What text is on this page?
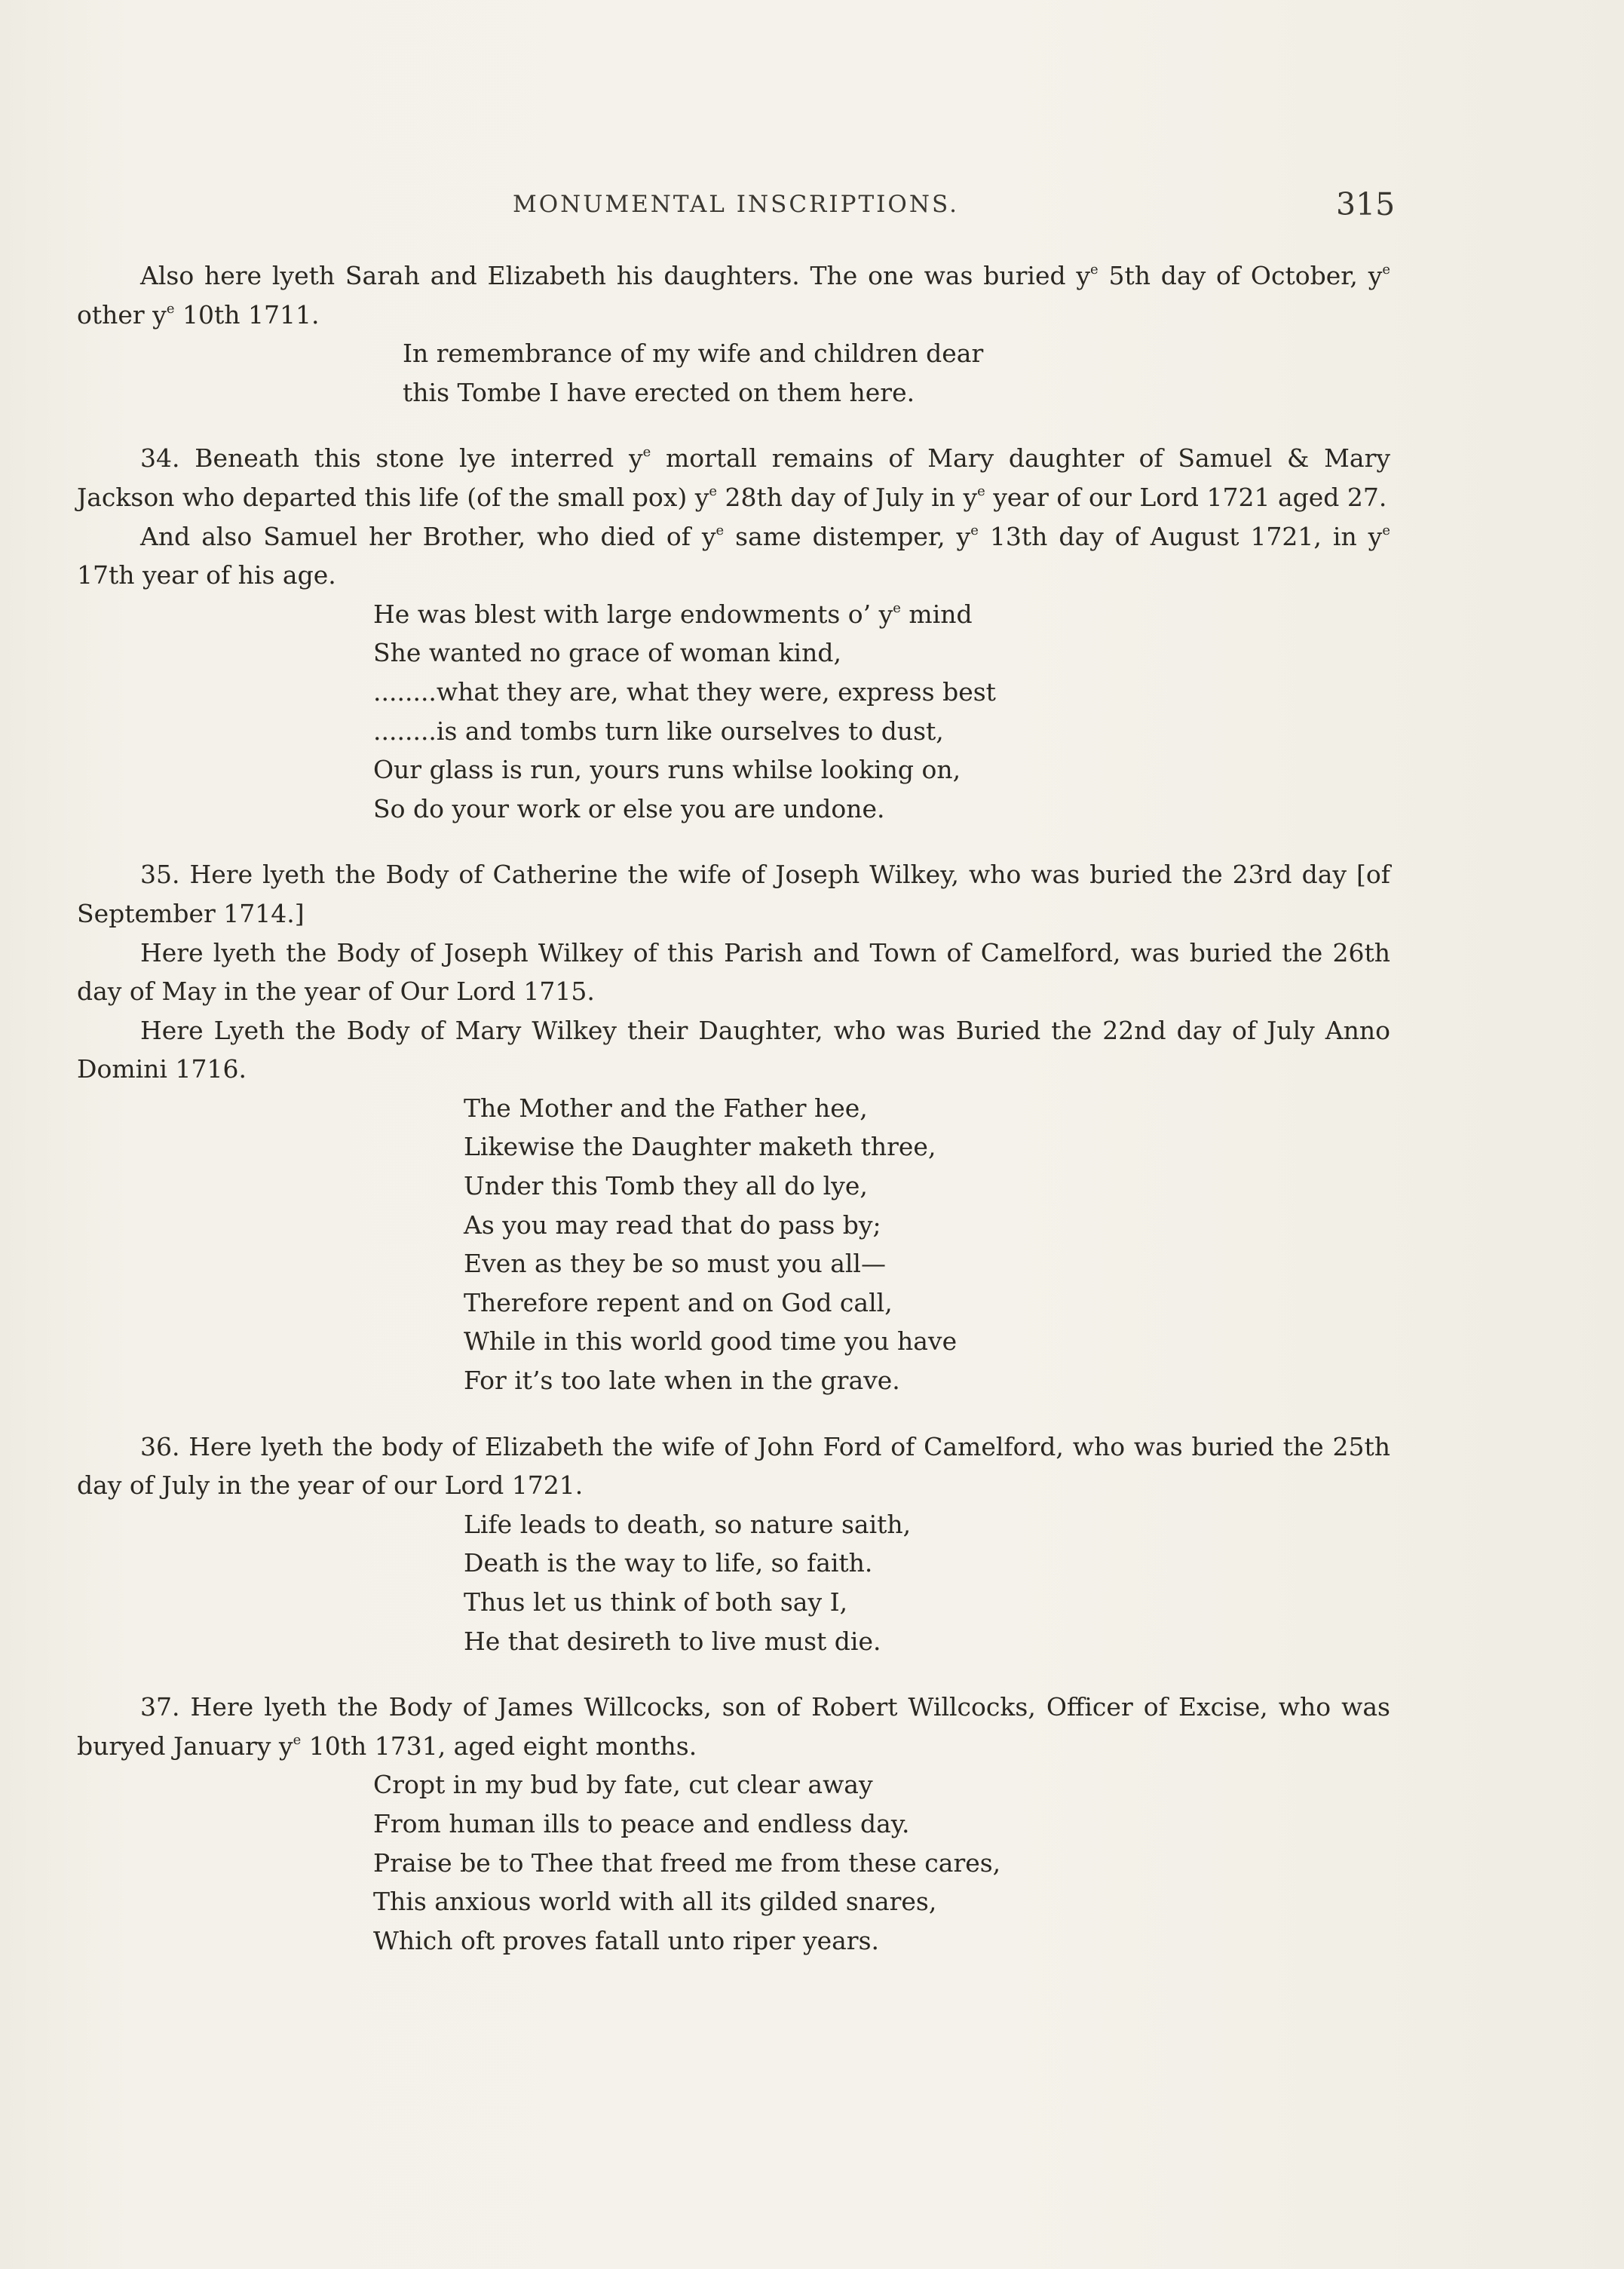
MONUMENTAL INSCRIPTIONS.	315

Also here lyeth Sarah and Elizabeth his daughters. The one was buried $y^e$ 5th day of October, $y^e$ other $y^e$ 10th 1711.

In remembrance of my wife and children dear
this Tombe I have erected on them here.

34. Beneath this stone lye interred $y^e$ mortall remains of Mary daughter of Samuel & Mary Jackson who departed this life (of the small pox) $y^e$ 28th day of July in $y^e$ year of our Lord 1721 aged 27.

And also Samuel her Brother, who died of $y^e$ same distemper, $y^e$ 13th day of August 1721, in $y^e$ 17th year of his age.

He was blest with large endowments o’ $y^e$ mind
She wanted no grace of woman kind,
........what they are, what they were, express best
........is and tombs turn like ourselves to dust,
Our glass is run, yours runs whilse looking on,
So do your work or else you are undone.

35. Here lyeth the Body of Catherine the wife of Joseph Wilkey, who was buried the 23rd day [of September 1714.]

Here lyeth the Body of Joseph Wilkey of this Parish and Town of Camelford, was buried the 26th day of May in the year of Our Lord 1715.

Here Lyeth the Body of Mary Wilkey their Daughter, who was Buried the 22nd day of July Anno Domini 1716.

The Mother and the Father hee,
Likewise the Daughter maketh three,
Under this Tomb they all do lye,
As you may read that do pass by;
Even as they be so must you all—
Therefore repent and on God call,
While in this world good time you have
For it’s too late when in the grave.

36. Here lyeth the body of Elizabeth the wife of John Ford of Camelford, who was buried the 25th day of July in the year of our Lord 1721.

Life leads to death, so nature saith,
Death is the way to life, so faith.
Thus let us think of both say I,
He that desireth to live must die.

37. Here lyeth the Body of James Willcocks, son of Robert Willcocks, Officer of Excise, who was buryed January $y^e$ 10th 1731, aged eight months.

Cropt in my bud by fate, cut clear away
From human ills to peace and endless day.
Praise be to Thee that freed me from these cares,
This anxious world with all its gilded snares,
Which oft proves fatall unto riper years.
